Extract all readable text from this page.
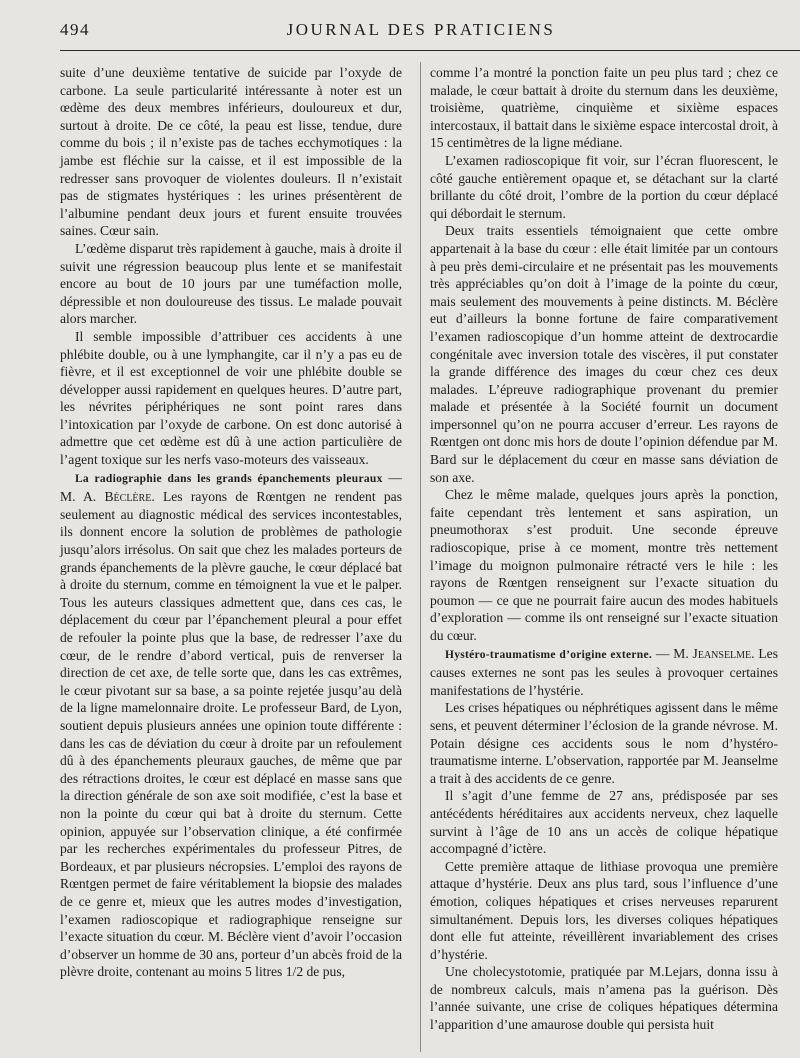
494	JOURNAL DES PRATICIENS

suite d’une deuxième tentative de suicide par l’oxyde de carbone. La seule particularité intéressante à noter est un œdème des deux membres inférieurs, douloureux et dur, surtout à droite. De ce côté, la peau est lisse, tendue, dure comme du bois ; il n’existe pas de taches ecchymotiques : la jambe est fléchie sur la caisse, et il est impossible de la redresser sans provoquer de violentes douleurs. Il n’existait pas de stigmates hystériques : les urines présentèrent de l’albumine pendant deux jours et furent ensuite trouvées saines. Cœur sain.

L’œdème disparut très rapidement à gauche, mais à droite il suivit une régression beaucoup plus lente et se manifestait encore au bout de 10 jours par une tuméfaction molle, dépressible et non douloureuse des tissus. Le malade pouvait alors marcher.

Il semble impossible d’attribuer ces accidents à une phlébite double, ou à une lymphangite, car il n’y a pas eu de fièvre, et il est exceptionnel de voir une phlébite double se développer aussi rapidement en quelques heures. D’autre part, les névrites périphériques ne sont point rares dans l’intoxication par l’oxyde de carbone. On est donc autorisé à admettre que cet œdème est dû à une action particulière de l’agent toxique sur les nerfs vaso-moteurs des vaisseaux.

La radiographie dans les grands épanchements pleuraux — M. A. Béclère. Les rayons de Rœntgen ne rendent pas seulement au diagnostic médical des services incontestables, ils donnent encore la solution de problèmes de pathologie jusqu’alors irrésolus. On sait que chez les malades porteurs de grands épanchements de la plèvre gauche, le cœur déplacé bat à droite du sternum, comme en témoignent la vue et le palper. Tous les auteurs classiques admettent que, dans ces cas, le déplacement du cœur par l’épanchement pleural a pour effet de refouler la pointe plus que la base, de redresser l’axe du cœur, de le rendre d’abord vertical, puis de renverser la direction de cet axe, de telle sorte que, dans les cas extrêmes, le cœur pivotant sur sa base, a sa pointe rejetée jusqu’au delà de la ligne mamelonnaire droite. Le professeur Bard, de Lyon, soutient depuis plusieurs années une opinion toute différente : dans les cas de déviation du cœur à droite par un refoulement dû à des épanchements pleuraux gauches, de même que par des rétractions droites, le cœur est déplacé en masse sans que la direction générale de son axe soit modifiée, c’est la base et non la pointe du cœur qui bat à droite du sternum. Cette opinion, appuyée sur l’observation clinique, a été confirmée par les recherches expérimentales du professeur Pitres, de Bordeaux, et par plusieurs nécropsies. L’emploi des rayons de Rœntgen permet de faire véritablement la biopsie des malades de ce genre et, mieux que les autres modes d’investigation, l’examen radioscopique et radiographique renseigne sur l’exacte situation du cœur. M. Béclère vient d’avoir l’occasion d’observer un homme de 30 ans, porteur d’un abcès froid de la plèvre droite, contenant au moins 5 litres 1/2 de pus,

comme l’a montré la ponction faite un peu plus tard ; chez ce malade, le cœur battait à droite du sternum dans les deuxième, troisième, quatrième, cinquième et sixième espaces intercostaux, il battait dans le sixième espace intercostal droit, à 15 centimètres de la ligne médiane.

L’examen radioscopique fit voir, sur l’écran fluorescent, le côté gauche entièrement opaque et, se détachant sur la clarté brillante du côté droit, l’ombre de la portion du cœur déplacé qui débordait le sternum.

Deux traits essentiels témoignaient que cette ombre appartenait à la base du cœur : elle était limitée par un contours à peu près demi-circulaire et ne présentait pas les mouvements très appréciables qu’on doit à l’image de la pointe du cœur, mais seulement des mouvements à peine distincts. M. Béclère eut d’ailleurs la bonne fortune de faire comparativement l’examen radioscopique d’un homme atteint de dextrocardie congénitale avec inversion totale des viscères, il put constater la grande différence des images du cœur chez ces deux malades. L’épreuve radiographique provenant du premier malade et présentée à la Société fournit un document impersonnel qu’on ne pourra accuser d’erreur. Les rayons de Rœntgen ont donc mis hors de doute l’opinion défendue par M. Bard sur le déplacement du cœur en masse sans déviation de son axe.

Chez le même malade, quelques jours après la ponction, faite cependant très lentement et sans aspiration, un pneumothorax s’est produit. Une seconde épreuve radioscopique, prise à ce moment, montre très nettement l’image du moignon pulmonaire rétracté vers le hile : les rayons de Rœntgen renseignent sur l’exacte situation du poumon — ce que ne pourrait faire aucun des modes habituels d’exploration — comme ils ont renseigné sur l’exacte situation du cœur.

Hystéro-traumatisme d’origine externe. — M. Jeanselme. Les causes externes ne sont pas les seules à provoquer certaines manifestations de l’hystérie.

Les crises hépatiques ou néphrétiques agissent dans le même sens, et peuvent déterminer l’éclosion de la grande névrose. M. Potain désigne ces accidents sous le nom d’hystéro-traumatisme interne. L’observation, rapportée par M. Jeanselme a trait à des accidents de ce genre.

Il s’agit d’une femme de 27 ans, prédisposée par ses antécédents héréditaires aux accidents nerveux, chez laquelle survint à l’âge de 10 ans un accès de colique hépatique accompagné d’ictère.

Cette première attaque de lithiase provoqua une première attaque d’hystérie. Deux ans plus tard, sous l’influence d’une émotion, coliques hépatiques et crises nerveuses reparurent simultanément. Depuis lors, les diverses coliques hépatiques dont elle fut atteinte, réveillèrent invariablement des crises d’hystérie.

Une cholecystotomie, pratiquée par M.Lejars, donna issu à de nombreux calculs, mais n’amena pas la guérison. Dès l’année suivante, une crise de coliques hépatiques détermina l’apparition d’une amaurose double qui persista huit
